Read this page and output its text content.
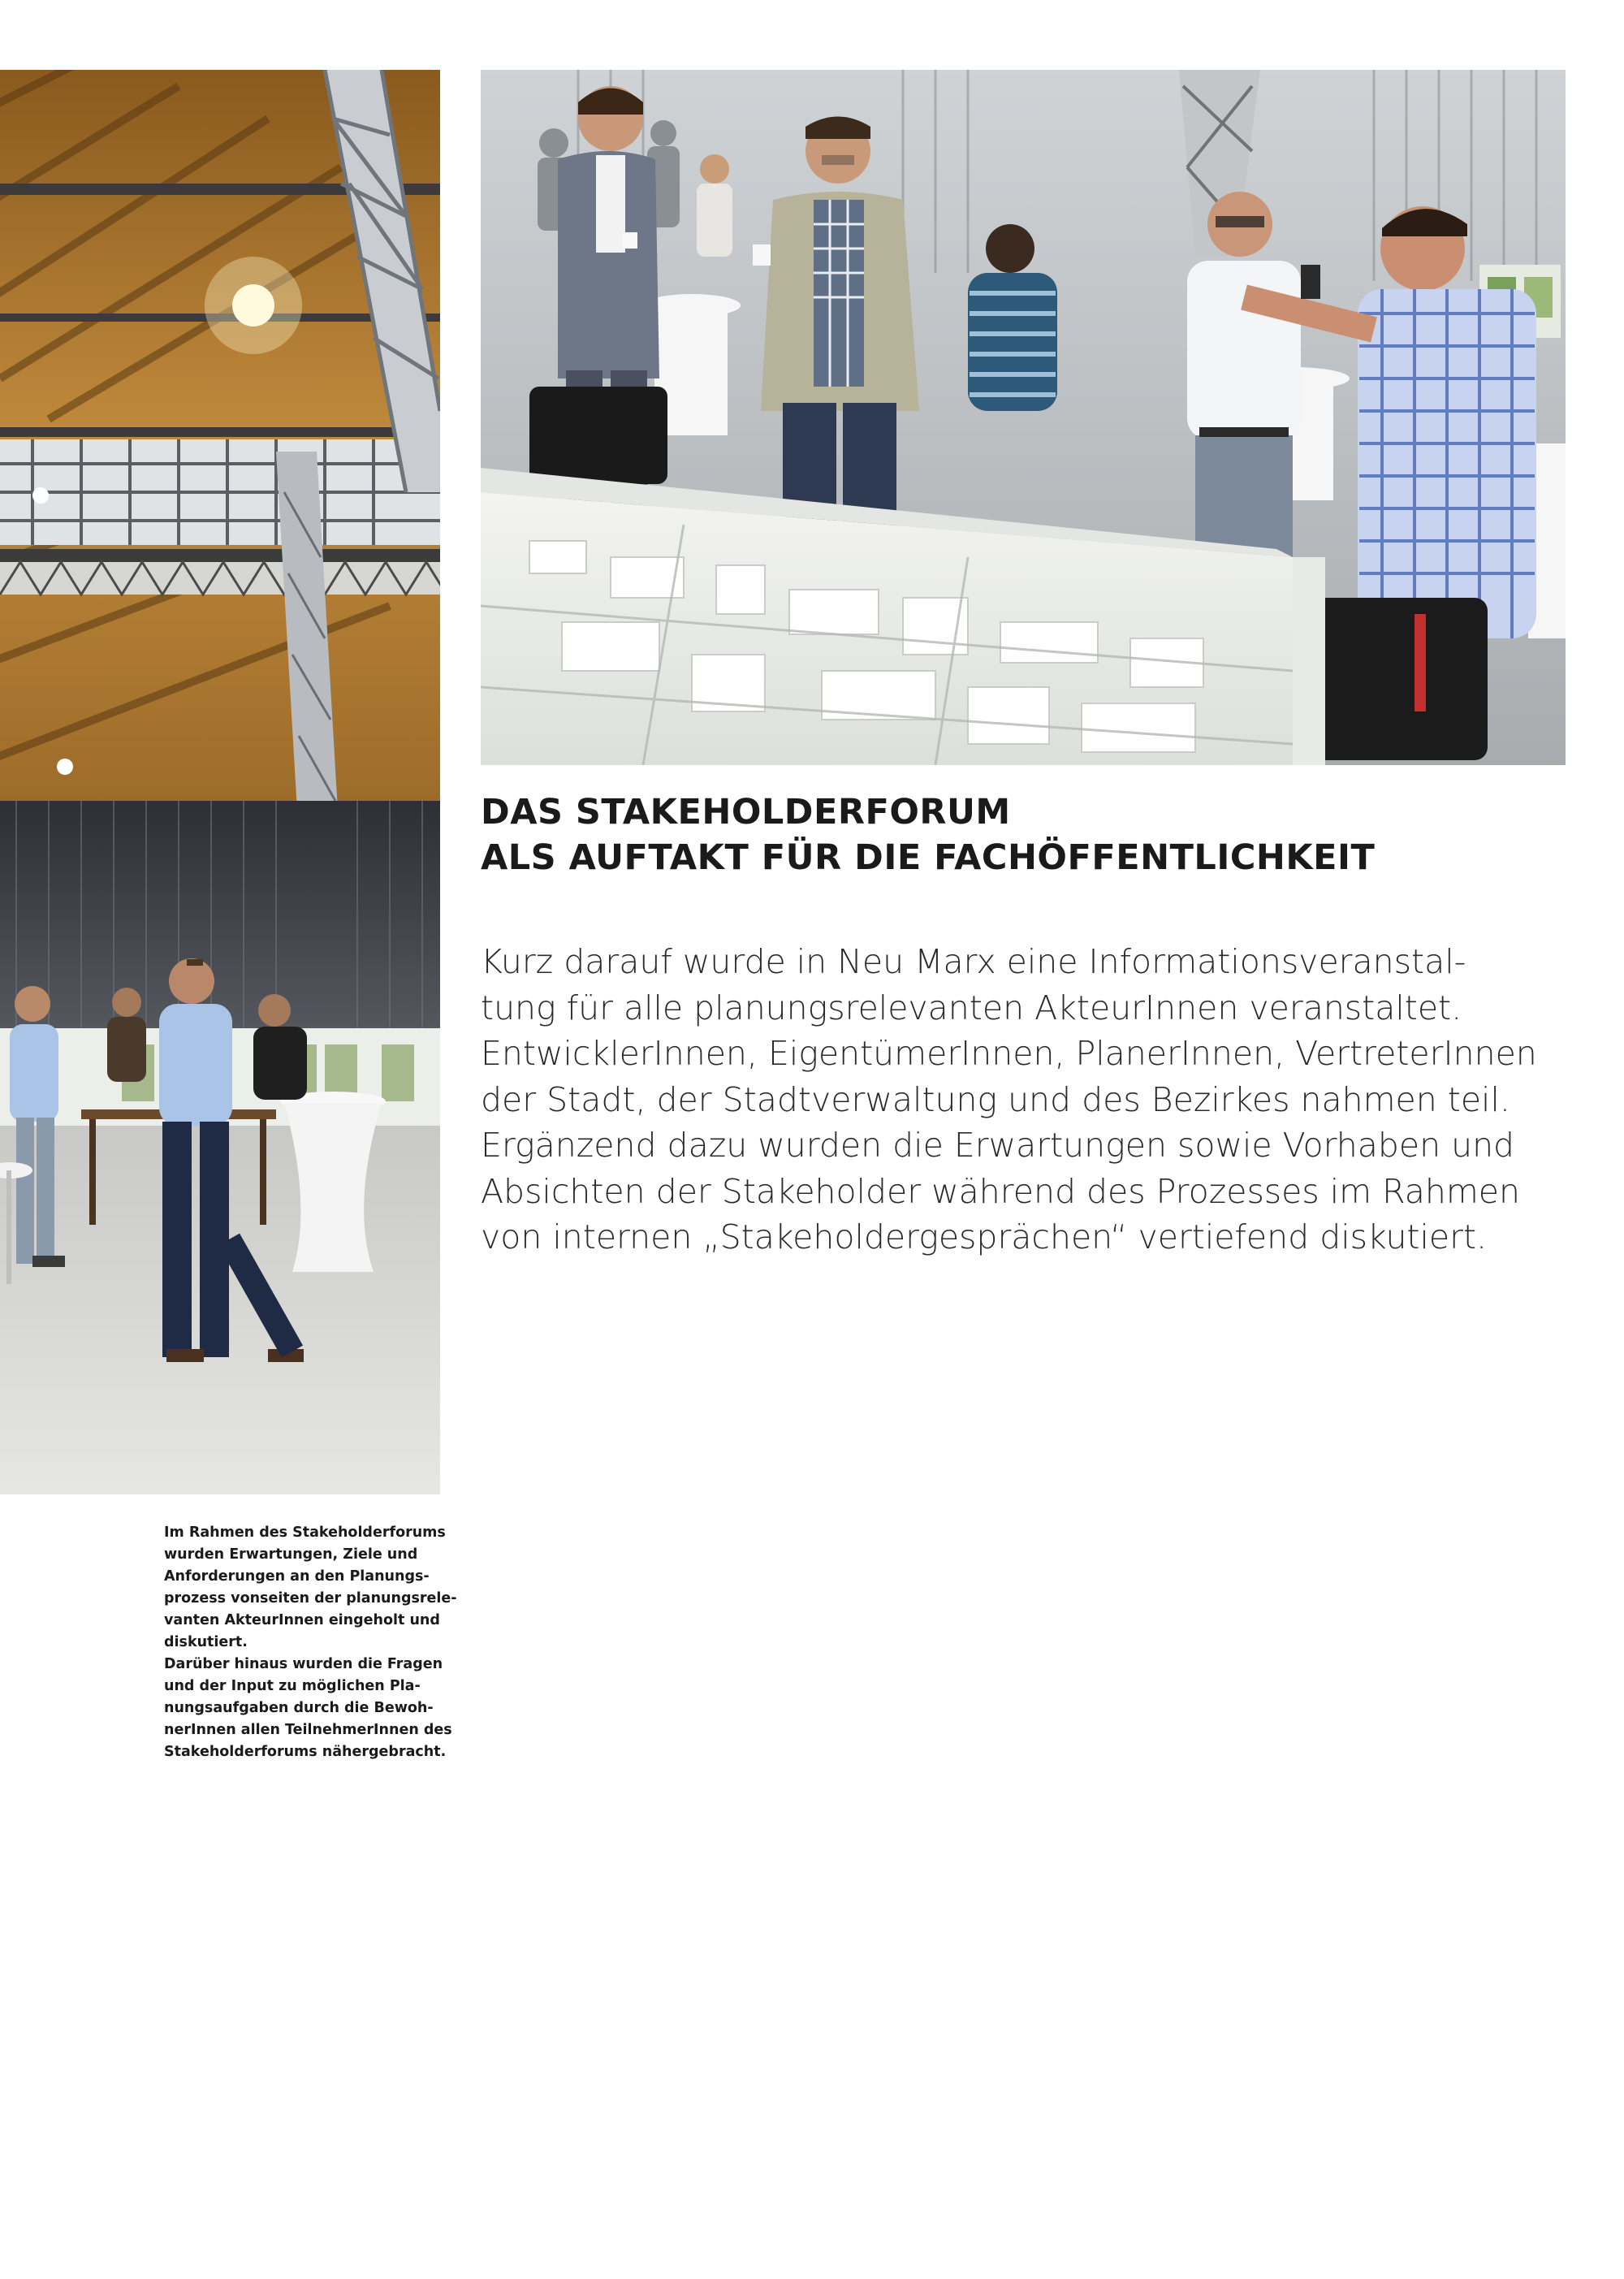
DAS STAKEHOLDERFORUM
ALS AUFTAKT FÜR DIE FACHÖFFENTLICHKEIT

Kurz darauf wurde in Neu Marx eine Informationsveranstal-
tung für alle planungsrelevanten AkteurInnen veranstaltet.
EntwicklerInnen, EigentümerInnen, PlanerInnen, VertreterInnen
der Stadt, der Stadtverwaltung und des Bezirkes nahmen teil.
Ergänzend dazu wurden die Erwartungen sowie Vorhaben und
Absichten der Stakeholder während des Prozesses im Rahmen
von internen „Stakeholdergesprächen“ vertiefend diskutiert.

Im Rahmen des Stakeholderforums
wurden Erwartungen, Ziele und
Anforderungen an den Planungs-
prozess vonseiten der planungsrele-
vanten AkteurInnen eingeholt und
diskutiert.
Darüber hinaus wurden die Fragen
und der Input zu möglichen Pla-
nungsaufgaben durch die Bewoh-
nerInnen allen TeilnehmerInnen des
Stakeholderforums nähergebracht.
